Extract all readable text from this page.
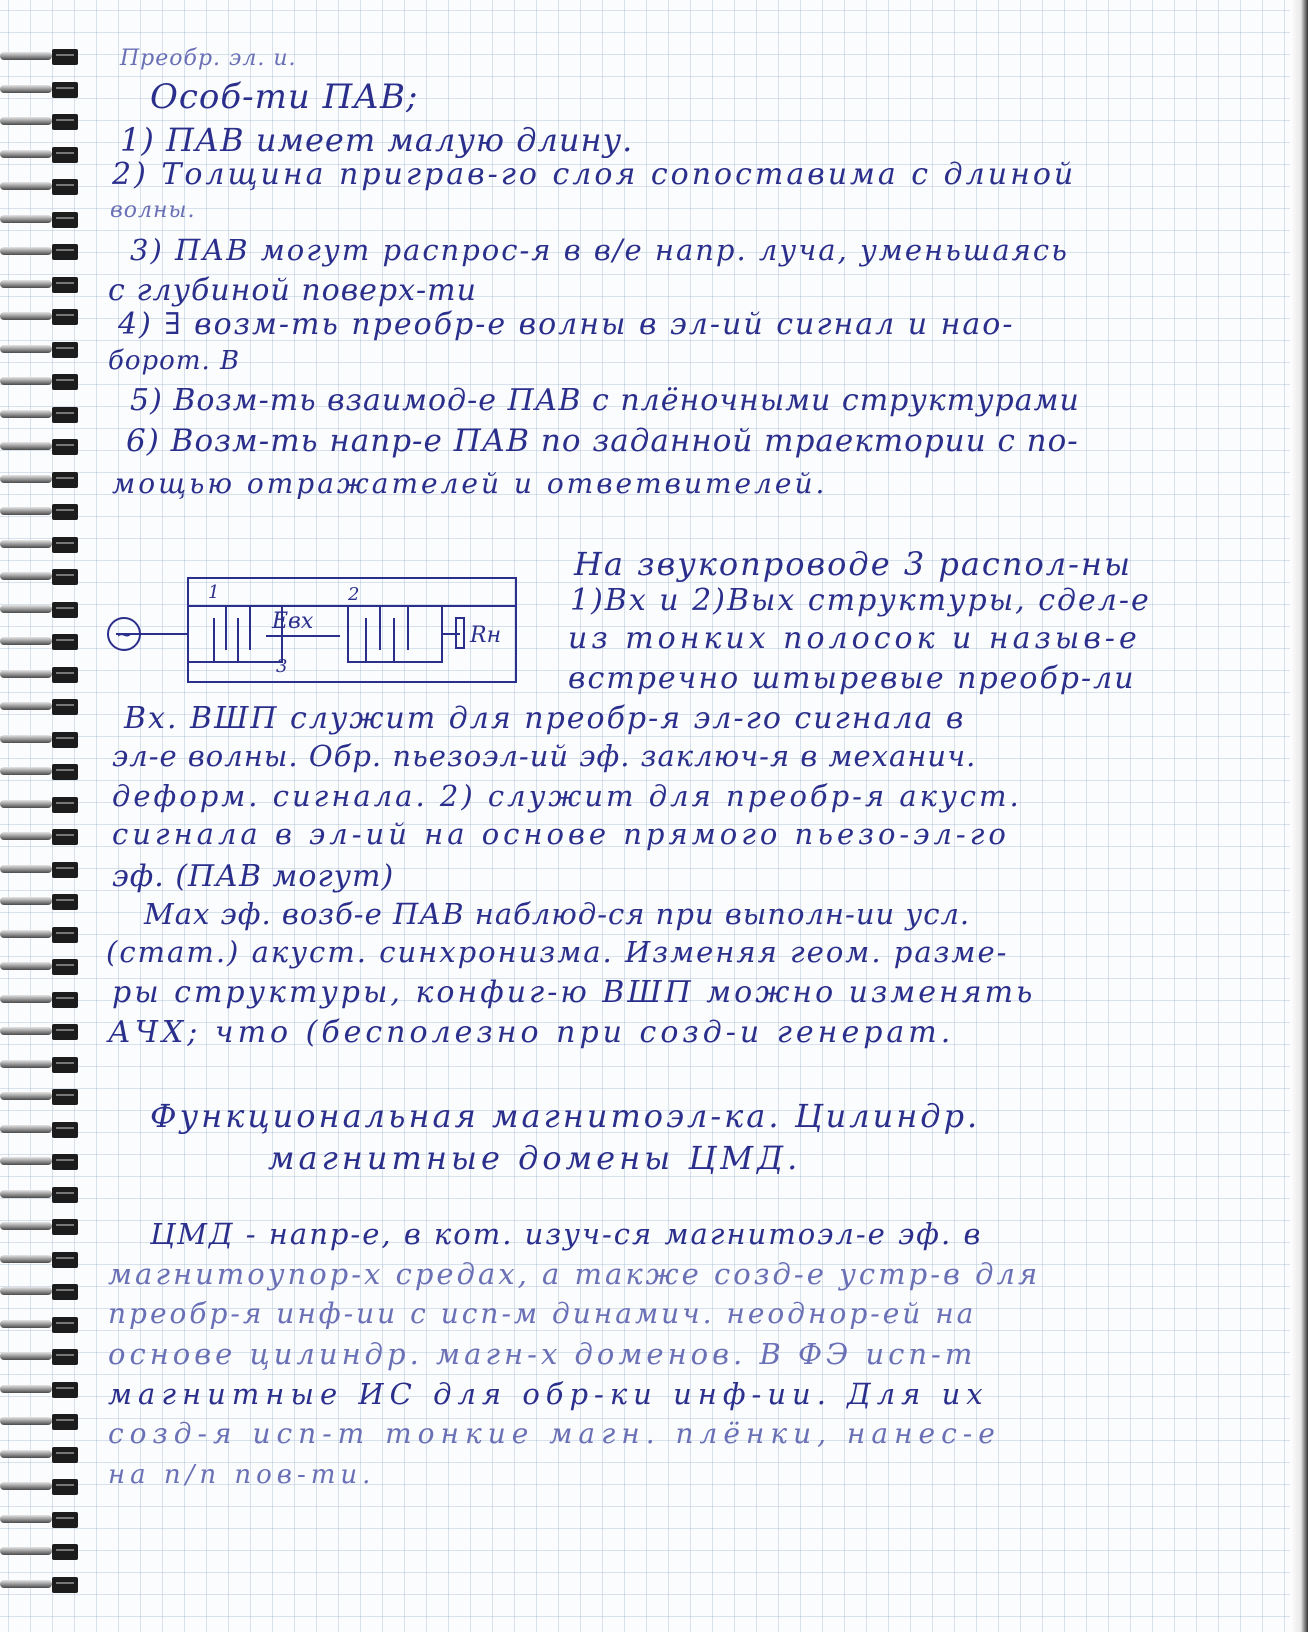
Преобр. эл. и.
Особ-ти ПАВ;
1) ПАВ имеет малую длину.
2) Толщина приграв-го слоя сопоставима с длиной
волны.
3) ПАВ могут распрос-я в в/е напр. луча, уменьшаясь
с глубиной поверх-ти
4) ∃ возм-ть преобр-е волны в эл-ий сигнал и нао-
борот. В
5) Возм-ть взаимод-е ПАВ с плёночными структурами
6) Возм-ть напр-е ПАВ по заданной траектории с по-
мощью отражателей и ответвителей.
На звукопроводе 3 распол-ны
1)Вх и 2)Вых структуры, сдел-е
из тонких полосок и назыв-е
встречно штыревые преобр-ли
Вх. ВШП служит для преобр-я эл-го сигнала в
эл-е волны. Обр. пьезоэл-ий эф. заключ-я в механич.
деформ. сигнала. 2) служит для преобр-я акуст.
сигнала в эл-ий на основе прямого пьезо-эл-го
эф. (ПАВ могут)
Max эф. возб-е ПАВ наблюд-ся при выполн-ии усл.
(стат.) акуст. синхронизма. Изменяя геом. разме-
ры структуры, конфиг-ю ВШП можно изменять
АЧХ; что (бесполезно при созд-и генерат.
Функциональная магнитоэл-ка. Цилиндр.
магнитные домены ЦМД.
ЦМД - напр-е, в кот. изуч-ся магнитоэл-е эф. в
магнитоупор-х средах, а также созд-е устр-в для
преобр-я инф-ии с исп-м динамич. неоднор-ей на
основе цилиндр. магн-х доменов. В ФЭ исп-т
магнитные ИС для обр-ки инф-ии. Для их
созд-я исп-т тонкие магн. плёнки, нанес-е
на п/п пов-ти.
~
1	2
3
Eвх
Rн
